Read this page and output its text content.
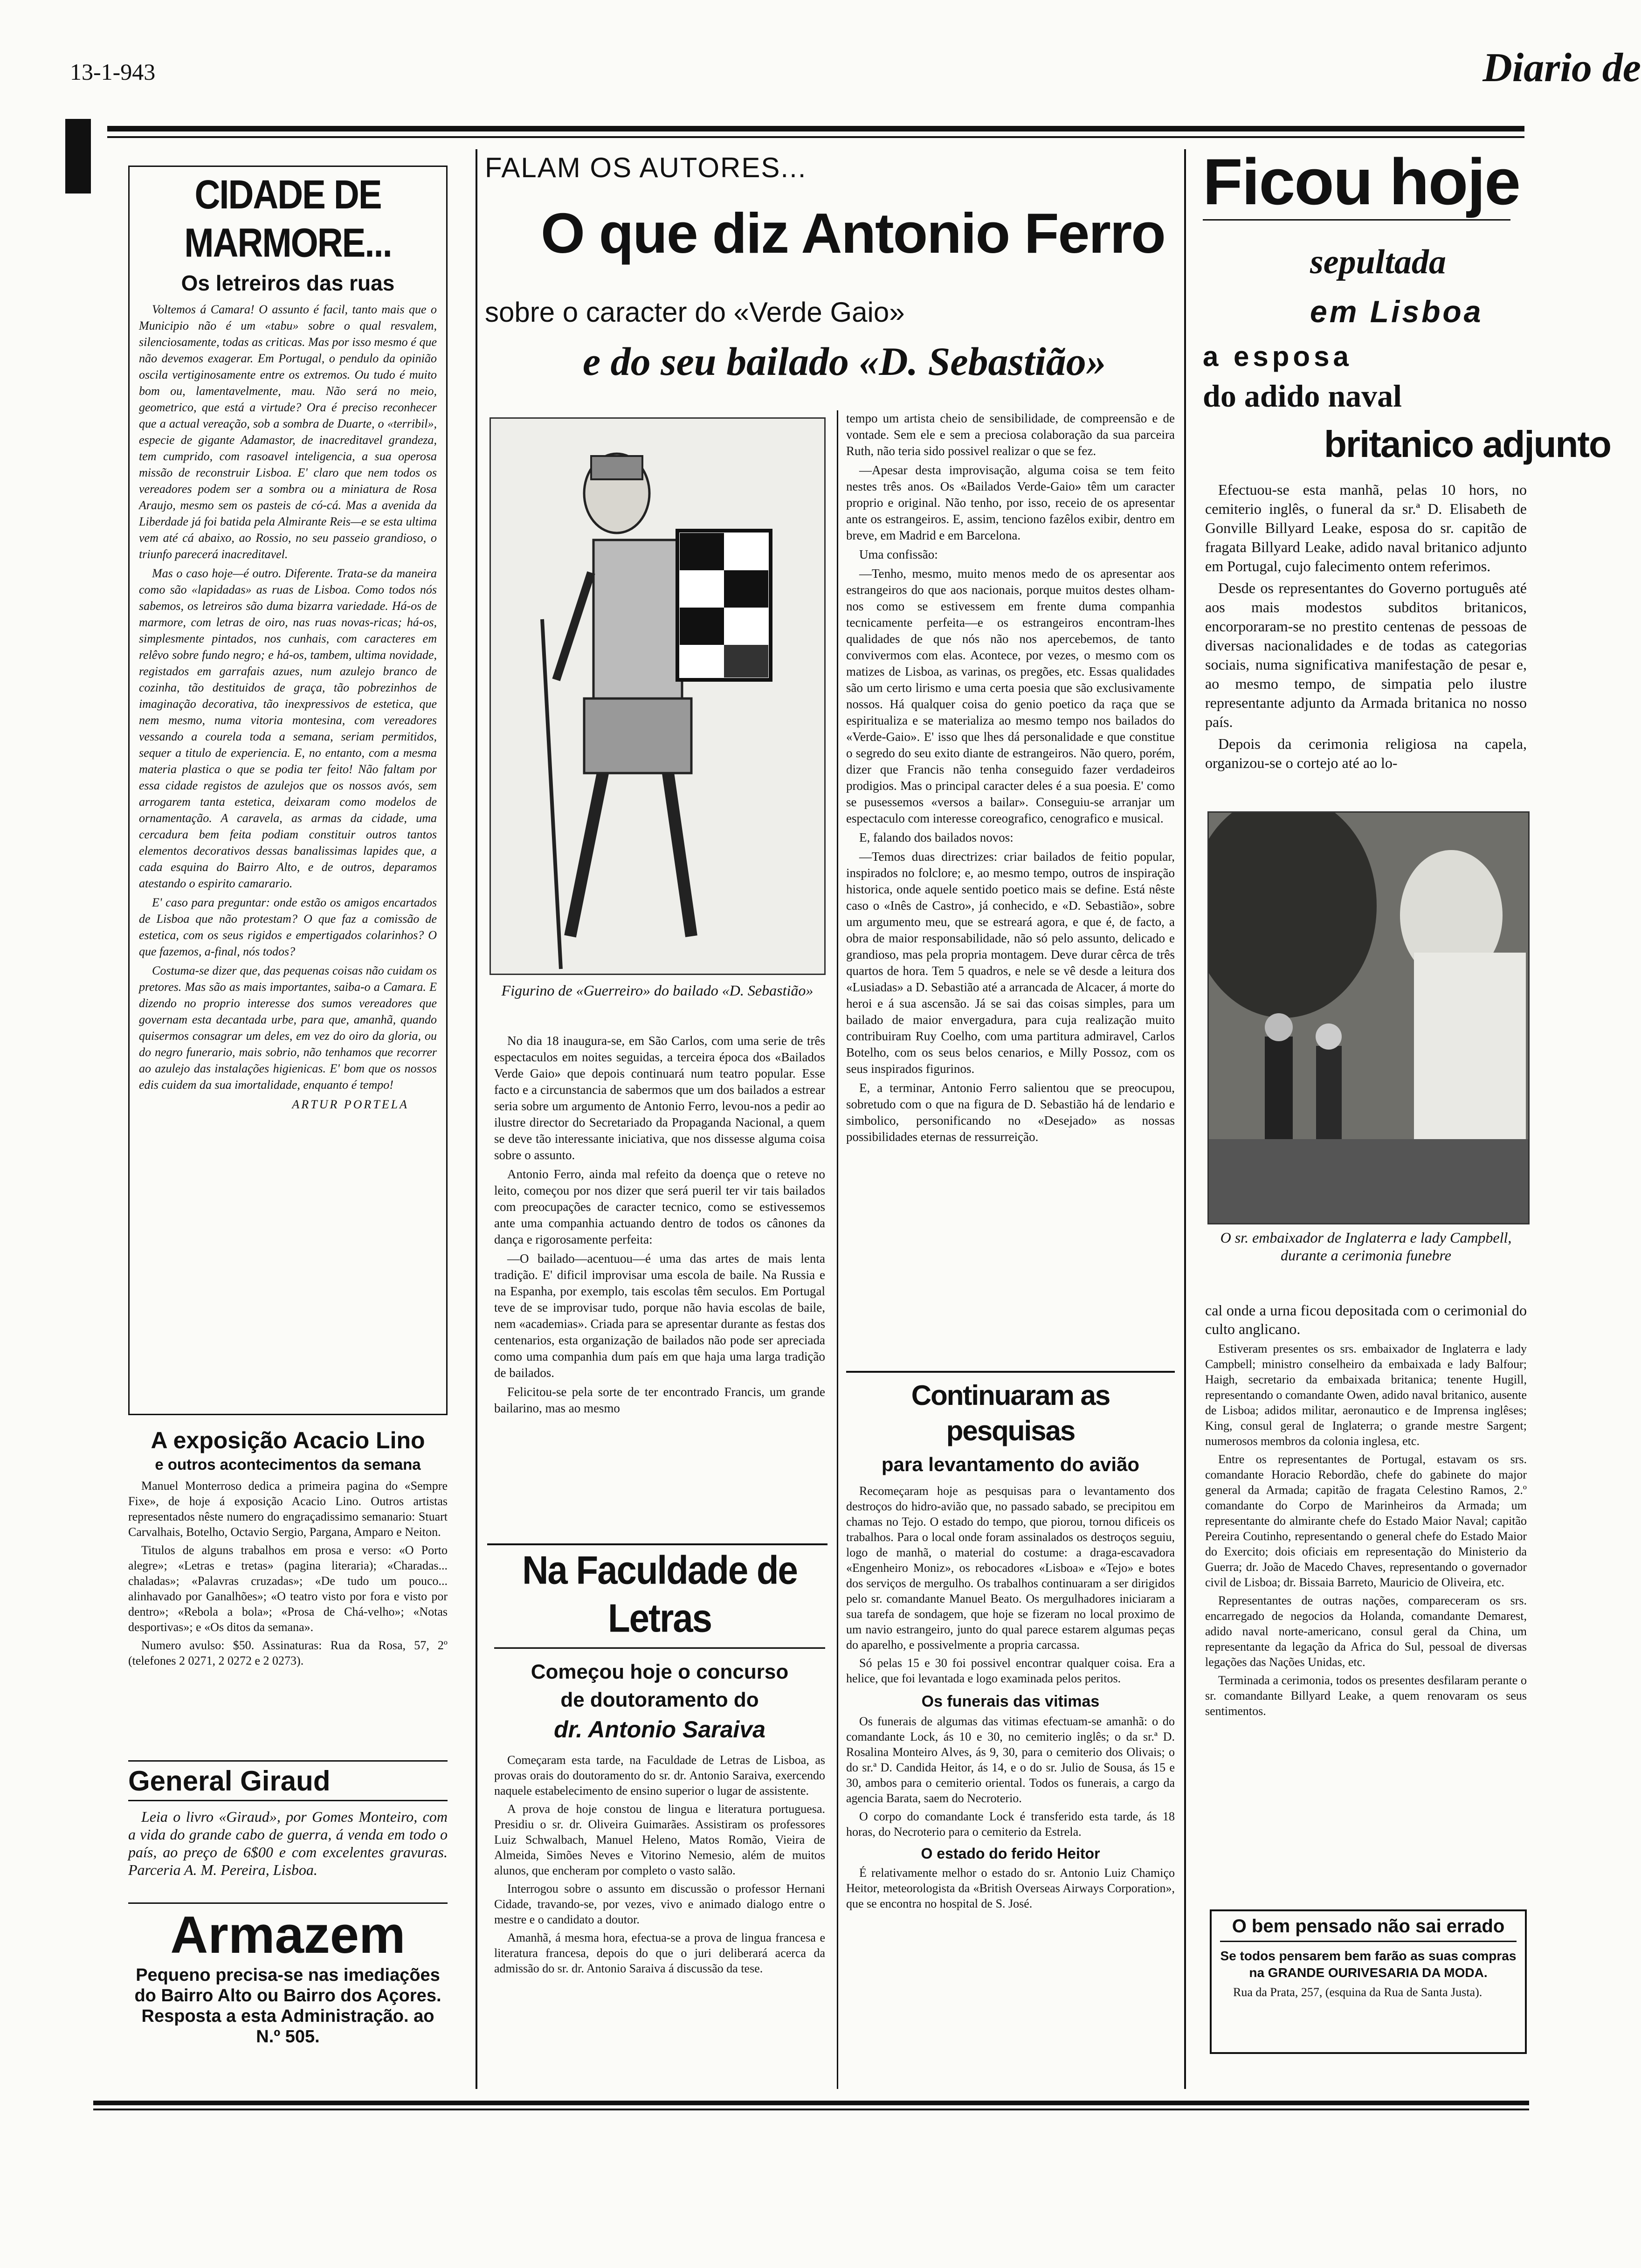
13-1-943	Diario de
CIDADE DE MARMORE...
Os letreiros das ruas

Voltemos á Camara! O assunto é facil, tanto mais que o Municipio não é um «tabu» sobre o qual resvalem, silenciosamente, todas as criticas. Mas por isso mesmo é que não devemos exagerar. Em Portugal, o pendulo da opinião oscila vertiginosamente entre os extremos. Ou tudo é muito bom ou, lamentavelmente, mau. Não será no meio, geometrico, que está a virtude? Ora é preciso reconhecer que a actual vereação, sob a sombra de Duarte, o «terribil», especie de gigante Adamastor, de inacreditavel grandeza, tem cumprido, com rasoavel inteligencia, a sua operosa missão de reconstruir Lisboa. E' claro que nem todos os vereadores podem ser a sombra ou a miniatura de Rosa Araujo, mesmo sem os pasteis de có-cá. Mas a avenida da Liberdade já foi batida pela Almirante Reis—e se esta ultima vem até cá abaixo, ao Rossio, no seu passeio grandioso, o triunfo parecerá inacreditavel.

Mas o caso hoje—é outro. Diferente. Trata-se da maneira como são «lapidadas» as ruas de Lisboa. Como todos nós sabemos, os letreiros são duma bizarra variedade. Há-os de marmore, com letras de oiro, nas ruas novas-ricas; há-os, simplesmente pintados, nos cunhais, com caracteres em relêvo sobre fundo negro; e há-os, tambem, ultima novidade, registados em garrafais azues, num azulejo branco de cozinha, tão destituidos de graça, tão pobrezinhos de imaginação decorativa, tão inexpressivos de estetica, que nem mesmo, numa vitoria montesina, com vereadores vessando a courela toda a semana, seriam permitidos, sequer a titulo de experiencia. E, no entanto, com a mesma materia plastica o que se podia ter feito! Não faltam por essa cidade registos de azulejos que os nossos avós, sem arrogarem tanta estetica, deixaram como modelos de ornamentação. A caravela, as armas da cidade, uma cercadura bem feita podiam constituir outros tantos elementos decorativos dessas banalissimas lapides que, a cada esquina do Bairro Alto, e de outros, deparamos atestando o espirito camarario.

E' caso para preguntar: onde estão os amigos encartados de Lisboa que não protestam? O que faz a comissão de estetica, com os seus rigidos e empertigados colarinhos? O que fazemos, a-final, nós todos?

Costuma-se dizer que, das pequenas coisas não cuidam os pretores. Mas são as mais importantes, saiba-o a Camara. E dizendo no proprio interesse dos sumos vereadores que governam esta decantada urbe, para que, amanhã, quando quisermos consagrar um deles, em vez do oiro da gloria, ou do negro funerario, mais sobrio, não tenhamos que recorrer ao azulejo das instalações higienicas. E' bom que os nossos edis cuidem da sua imortalidade, enquanto é tempo!

ARTUR PORTELA
A exposição Acacio Lino
e outros acontecimentos da semana

Manuel Monterroso dedica a primeira pagina do «Sempre Fixe», de hoje á exposição Acacio Lino. Outros artistas representados nêste numero do engraçadissimo semanario: Stuart Carvalhais, Botelho, Octavio Sergio, Pargana, Amparo e Neiton.

Titulos de alguns trabalhos em prosa e verso: «O Porto alegre»; «Letras e tretas» (pagina literaria); «Charadas... chaladas»; «Palavras cruzadas»; «De tudo um pouco... alinhavado por Ganalhões»; «O teatro visto por fora e visto por dentro»; «Rebola a bola»; «Prosa de Chá-velho»; «Notas desportivas»; e «Os ditos da semana».

Numero avulso: $50. Assinaturas: Rua da Rosa, 57, 2º (telefones 2 0271, 2 0272 e 2 0273).

General Giraud
Leia o livro «Giraud», por Gomes Monteiro, com a vida do grande cabo de guerra, á venda em todo o país, ao preço de 6$00 e com excelentes gravuras. Parceria A. M. Pereira, Lisboa.
Armazem
Pequeno precisa-se nas imediações do Bairro Alto ou Bairro dos Açores. Resposta a esta Administração. ao N.º 505.
FALAM OS AUTORES...
O que diz Antonio Ferro
sobre o caracter do «Verde Gaio»
e do seu bailado «D. Sebastião»
Figurino de «Guerreiro» do bailado «D. Sebastião»

No dia 18 inaugura-se, em São Carlos, com uma serie de três espectaculos em noites seguidas, a terceira época dos «Bailados Verde Gaio» que depois continuará num teatro popular. Esse facto e a circunstancia de sabermos que um dos bailados a estrear seria sobre um argumento de Antonio Ferro, levou-nos a pedir ao ilustre director do Secretariado da Propaganda Nacional, a quem se deve tão interessante iniciativa, que nos dissesse alguma coisa sobre o assunto.

Antonio Ferro, ainda mal refeito da doença que o reteve no leito, começou por nos dizer que será pueril ter vir tais bailados com preocupações de caracter tecnico, como se estivessemos ante uma companhia actuando dentro de todos os cânones da dança e rigorosamente perfeita:

—O bailado—acentuou—é uma das artes de mais lenta tradição. E' dificil improvisar uma escola de baile. Na Russia e na Espanha, por exemplo, tais escolas têm seculos. Em Portugal teve de se improvisar tudo, porque não havia escolas de baile, nem «academias». Criada para se apresentar durante as festas dos centenarios, esta organização de bailados não pode ser apreciada como uma companhia dum país em que haja uma larga tradição de bailados.

Felicitou-se pela sorte de ter encontrado Francis, um grande bailarino, mas ao mesmo

tempo um artista cheio de sensibilidade, de compreensão e de vontade. Sem ele e sem a preciosa colaboração da sua parceira Ruth, não teria sido possivel realizar o que se fez.

—Apesar desta improvisação, alguma coisa se tem feito nestes três anos. Os «Bailados Verde-Gaio» têm um caracter proprio e original. Não tenho, por isso, receio de os apresentar ante os estrangeiros. E, assim, tenciono fazêlos exibir, dentro em breve, em Madrid e em Barcelona.

Uma confissão:

—Tenho, mesmo, muito menos medo de os apresentar aos estrangeiros do que aos nacionais, porque muitos destes olham-nos como se estivessem em frente duma companhia tecnicamente perfeita—e os estrangeiros encontram-lhes qualidades de que nós não nos apercebemos, de tanto convivermos com elas. Acontece, por vezes, o mesmo com os matizes de Lisboa, as varinas, os pregões, etc. Essas qualidades são um certo lirismo e uma certa poesia que são exclusivamente nossos. Há qualquer coisa do genio poetico da raça que se espiritualiza e se materializa ao mesmo tempo nos bailados do «Verde-Gaio». E' isso que lhes dá personalidade e que constitue o segredo do seu exito diante de estrangeiros. Não quero, porém, dizer que Francis não tenha conseguido fazer verdadeiros prodigios. Mas o principal caracter deles é a sua poesia. E' como se pusessemos «versos a bailar». Conseguiu-se arranjar um espectaculo com interesse coreografico, cenografico e musical.

E, falando dos bailados novos:

—Temos duas directrizes: criar bailados de feitio popular, inspirados no folclore; e, ao mesmo tempo, outros de inspiração historica, onde aquele sentido poetico mais se define. Está nêste caso o «Inês de Castro», já conhecido, e «D. Sebastião», sobre um argumento meu, que se estreará agora, e que é, de facto, a obra de maior responsabilidade, não só pelo assunto, delicado e grandioso, mas pela propria montagem. Deve durar cêrca de três quartos de hora. Tem 5 quadros, e nele se vê desde a leitura dos «Lusiadas» a D. Sebastião até a arrancada de Alcacer, á morte do heroi e á sua ascensão. Já se sai das coisas simples, para um bailado de maior envergadura, para cuja realização muito contribuiram Ruy Coelho, com uma partitura admiravel, Carlos Botelho, com os seus belos cenarios, e Milly Possoz, com os seus inspirados figurinos.

E, a terminar, Antonio Ferro salientou que se preocupou, sobretudo com o que na figura de D. Sebastião há de lendario e simbolico, personificando no «Desejado» as nossas possibilidades eternas de ressurreição.

Na Faculdade de Letras
Começou hoje o concurso
de doutoramento do
dr. Antonio Saraiva

Começaram esta tarde, na Faculdade de Letras de Lisboa, as provas orais do doutoramento do sr. dr. Antonio Saraiva, exercendo naquele estabelecimento de ensino superior o lugar de assistente.

A prova de hoje constou de lingua e literatura portuguesa. Presidiu o sr. dr. Oliveira Guimarães. Assistiram os professores Luiz Schwalbach, Manuel Heleno, Matos Romão, Vieira de Almeida, Simões Neves e Vitorino Nemesio, além de muitos alunos, que encheram por completo o vasto salão.

Interrogou sobre o assunto em discussão o professor Hernani Cidade, travando-se, por vezes, vivo e animado dialogo entre o mestre e o candidato a doutor.

Amanhã, á mesma hora, efectua-se a prova de lingua francesa e literatura francesa, depois do que o juri deliberará acerca da admissão do sr. dr. Antonio Saraiva á discussão da tese.

Continuaram as pesquisas
para levantamento do avião

Recomeçaram hoje as pesquisas para o levantamento dos destroços do hidro-avião que, no passado sabado, se precipitou em chamas no Tejo. O estado do tempo, que piorou, tornou dificeis os trabalhos. Para o local onde foram assinalados os destroços seguiu, logo de manhã, o material do costume: a draga-escavadora «Engenheiro Moniz», os rebocadores «Lisboa» e «Tejo» e botes dos serviços de mergulho. Os trabalhos continuaram a ser dirigidos pelo sr. comandante Manuel Beato. Os mergulhadores iniciaram a sua tarefa de sondagem, que hoje se fizeram no local proximo de um navio estrangeiro, junto do qual parece estarem algumas peças do aparelho, e possivelmente a propria carcassa.

Só pelas 15 e 30 foi possivel encontrar qualquer coisa. Era a helice, que foi levantada e logo examinada pelos peritos.

Os funerais das vitimas

Os funerais de algumas das vitimas efectuam-se amanhã: o do comandante Lock, ás 10 e 30, no cemiterio inglês; o da sr.ª D. Rosalina Monteiro Alves, ás 9, 30, para o cemiterio dos Olivais; o do sr.ª D. Candida Heitor, ás 14, e o do sr. Julio de Sousa, ás 15 e 30, ambos para o cemiterio oriental. Todos os funerais, a cargo da agencia Barata, saem do Necroterio.

O corpo do comandante Lock é transferido esta tarde, ás 18 horas, do Necroterio para o cemiterio da Estrela.

O estado do ferido Heitor

É relativamente melhor o estado do sr. Antonio Luiz Chamiço Heitor, meteorologista da «British Overseas Airways Corporation», que se encontra no hospital de S. José.

Ficou hoje
sepultada
em Lisboa
a esposa
do adido naval
britanico adjunto

Efectuou-se esta manhã, pelas 10 hors, no cemiterio inglês, o funeral da sr.ª D. Elisabeth de Gonville Billyard Leake, esposa do sr. capitão de fragata Billyard Leake, adido naval britanico adjunto em Portugal, cujo falecimento ontem referimos.

Desde os representantes do Governo português até aos mais modestos subditos britanicos, encorporaram-se no prestito centenas de pessoas de diversas nacionalidades e de todas as categorias sociais, numa significativa manifestação de pesar e, ao mesmo tempo, de simpatia pelo ilustre representante adjunto da Armada britanica no nosso país.

Depois da cerimonia religiosa na capela, organizou-se o cortejo até ao lo-

O sr. embaixador de Inglaterra e lady Campbell, durante a cerimonia funebre

cal onde a urna ficou depositada com o cerimonial do culto anglicano.

Estiveram presentes os srs. embaixador de Inglaterra e lady Campbell; ministro conselheiro da embaixada e lady Balfour; Haigh, secretario da embaixada britanica; tenente Hugill, representando o comandante Owen, adido naval britanico, ausente de Lisboa; adidos militar, aeronautico e de Imprensa inglêses; King, consul geral de Inglaterra; o grande mestre Sargent; numerosos membros da colonia inglesa, etc.

Entre os representantes de Portugal, estavam os srs. comandante Horacio Rebordão, chefe do gabinete do major general da Armada; capitão de fragata Celestino Ramos, 2.º comandante do Corpo de Marinheiros da Armada; um representante do almirante chefe do Estado Maior Naval; capitão Pereira Coutinho, representando o general chefe do Estado Maior do Exercito; dois oficiais em representação do Ministerio da Guerra; dr. João de Macedo Chaves, representando o governador civil de Lisboa; dr. Bissaia Barreto, Mauricio de Oliveira, etc.

Representantes de outras nações, compareceram os srs. encarregado de negocios da Holanda, comandante Demarest, adido naval norte-americano, consul geral da China, um representante da legação da Africa do Sul, pessoal de diversas legações das Nações Unidas, etc.

Terminada a cerimonia, todos os presentes desfilaram perante o sr. comandante Billyard Leake, a quem renovaram os seus sentimentos.

O bem pensado não sai errado
Se todos pensarem bem farão as suas compras na GRANDE OURIVESARIA DA MODA.
Rua da Prata, 257, (esquina da Rua de Santa Justa).
